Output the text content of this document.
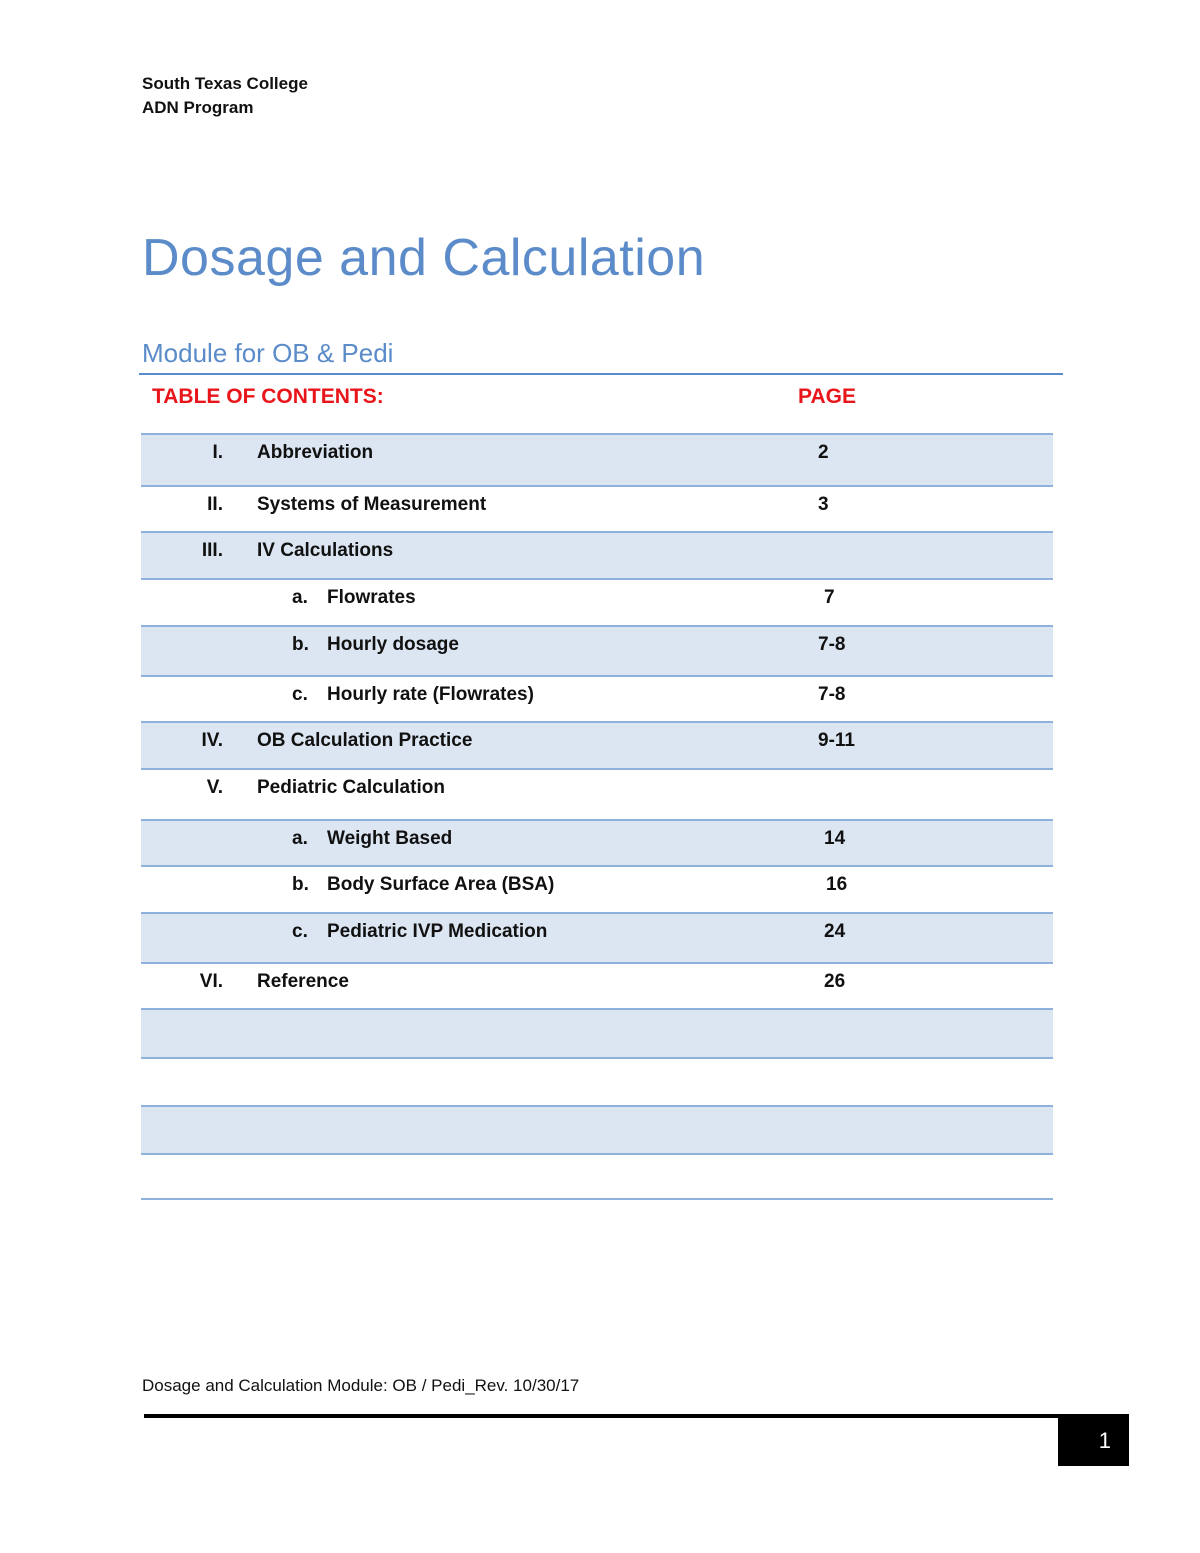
South Texas College
ADN Program
Dosage and Calculation
Module for OB & Pedi
TABLE OF CONTENTS:	PAGE
I. Abbreviation	2
II. Systems of Measurement	3
III. IV Calculations
a. Flowrates	7
b. Hourly dosage	7-8
c. Hourly rate (Flowrates)	7-8
IV. OB Calculation Practice	9-11
V. Pediatric Calculation
a. Weight Based	14
b. Body Surface Area (BSA)	16
c. Pediatric IVP Medication	24
VI. Reference	26
Dosage and Calculation Module: OB / Pedi_Rev. 10/30/17
1
